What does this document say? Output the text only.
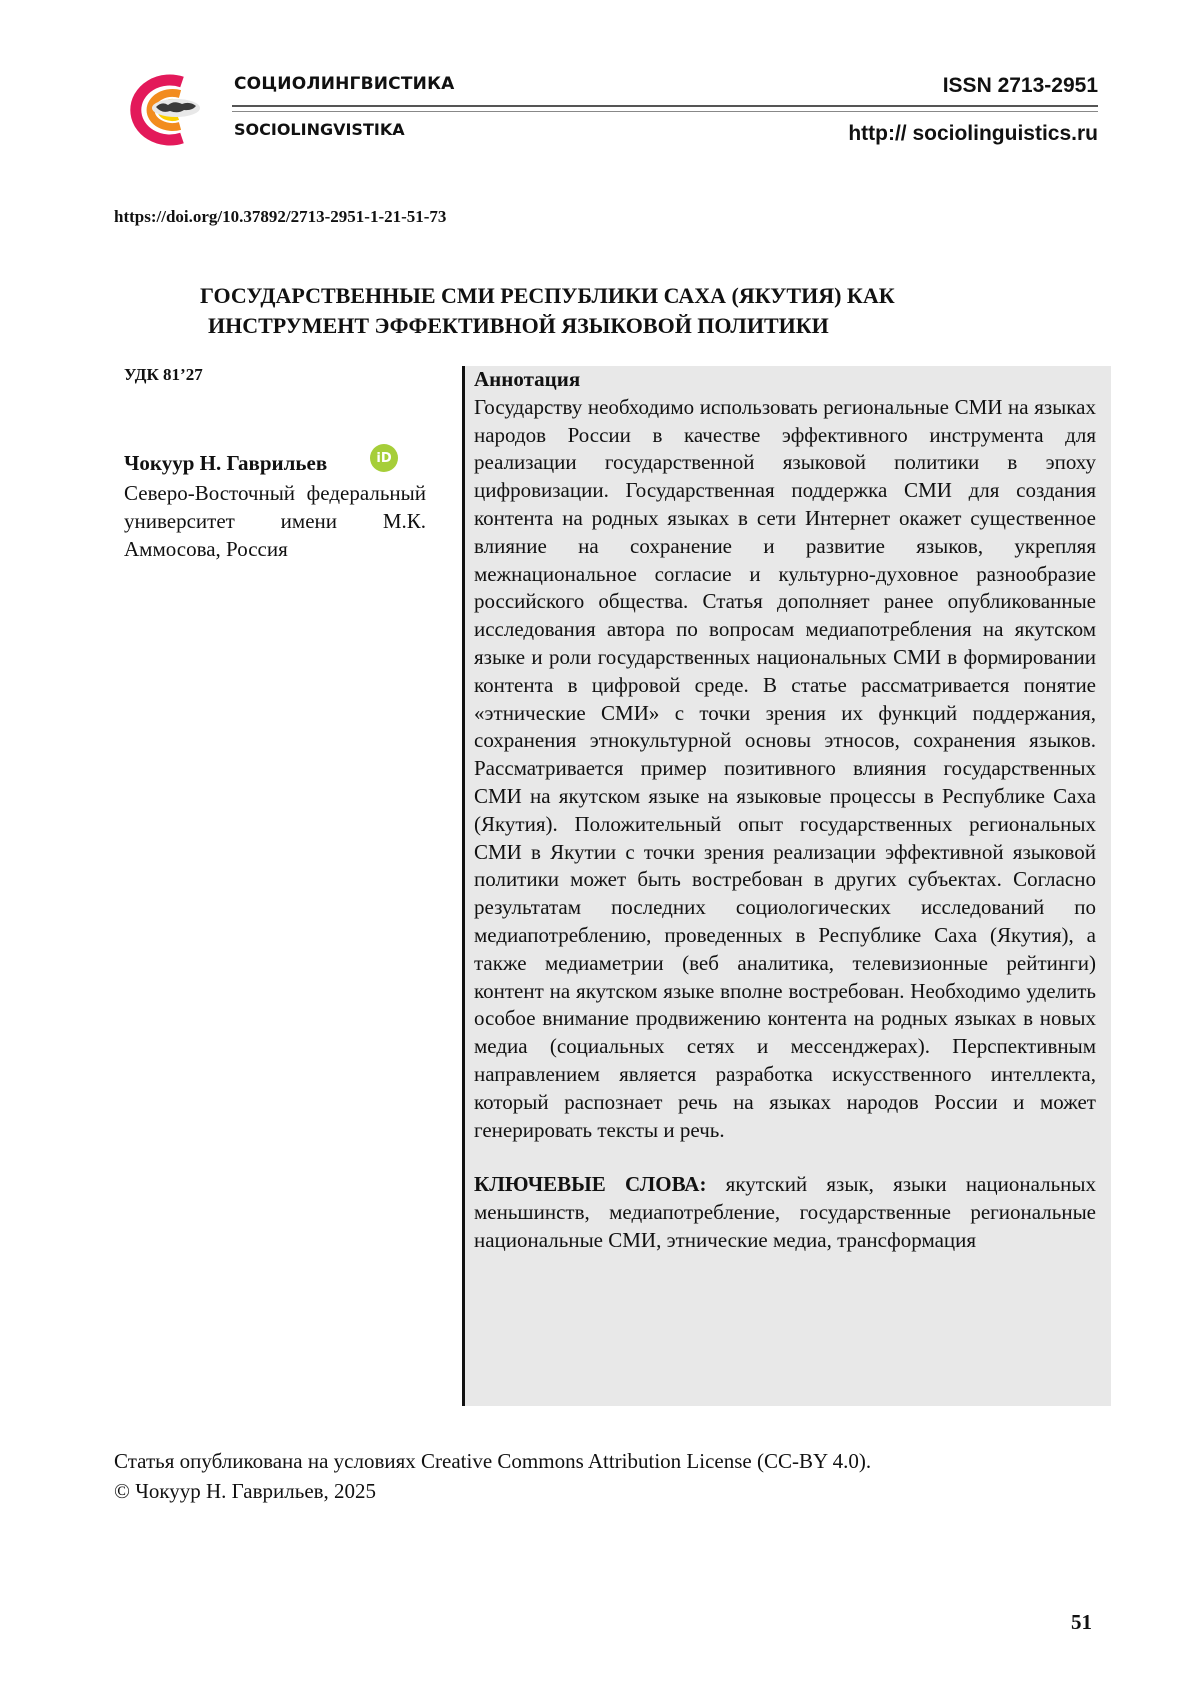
СОЦИОЛИНГВИСТИКА
SOCIOLINGVISTIKA
ISSN 2713-2951
http:// sociolinguistics.ru
https://doi.org/10.37892/2713-2951-1-21-51-73
ГОСУДАРСТВЕННЫЕ СМИ РЕСПУБЛИКИ САХА (ЯКУТИЯ) КАК
ИНСТРУМЕНТ ЭФФЕКТИВНОЙ ЯЗЫКОВОЙ ПОЛИТИКИ
УДК 81’27
Чокуур Н. Гаврильев	iD
Северо-Восточный федеральный университет имени М.К. Аммосова, Россия
Аннотация
Государству необходимо использовать региональные СМИ на языках народов России в качестве эффективного инструмента для реализации государственной языковой политики в эпоху цифровизации. Государственная поддержка СМИ для создания контента на родных языках в сети Интернет окажет существенное влияние на сохранение и развитие языков, укрепляя межнациональное согласие и культурно-духовное разнообразие российского общества. Статья дополняет ранее опубликованные исследования автора по вопросам медиапотребления на якутском языке и роли государственных национальных СМИ в формировании контента в цифровой среде. В статье рассматривается понятие «этнические СМИ» с точки зрения их функций поддержания, сохранения этнокультурной основы этносов, сохранения языков. Рассматривается пример позитивного влияния государственных СМИ на якутском языке на языковые процессы в Республике Саха (Якутия). Положительный опыт государственных региональных СМИ в Якутии с точки зрения реализации эффективной языковой политики может быть востребован в других субъектах. Согласно результатам последних социологических исследований по медиапотреблению, проведенных в Республике Саха (Якутия), а также медиаметрии (веб аналитика, телевизионные рейтинги) контент на якутском языке вполне востребован. Необходимо уделить особое внимание продвижению контента на родных языках в новых медиа (социальных сетях и мессенджерах). Перспективным направлением является разработка искусственного интеллекта, который распознает речь на языках народов России и может генерировать тексты и речь.
КЛЮЧЕВЫЕ СЛОВА: якутский язык, языки национальных меньшинств, медиапотребление, государственные региональные национальные СМИ, этнические медиа, трансформация
Статья опубликована на условиях Creative Commons Attribution License (CC-BY 4.0).
© Чокуур Н. Гаврильев, 2025
51
